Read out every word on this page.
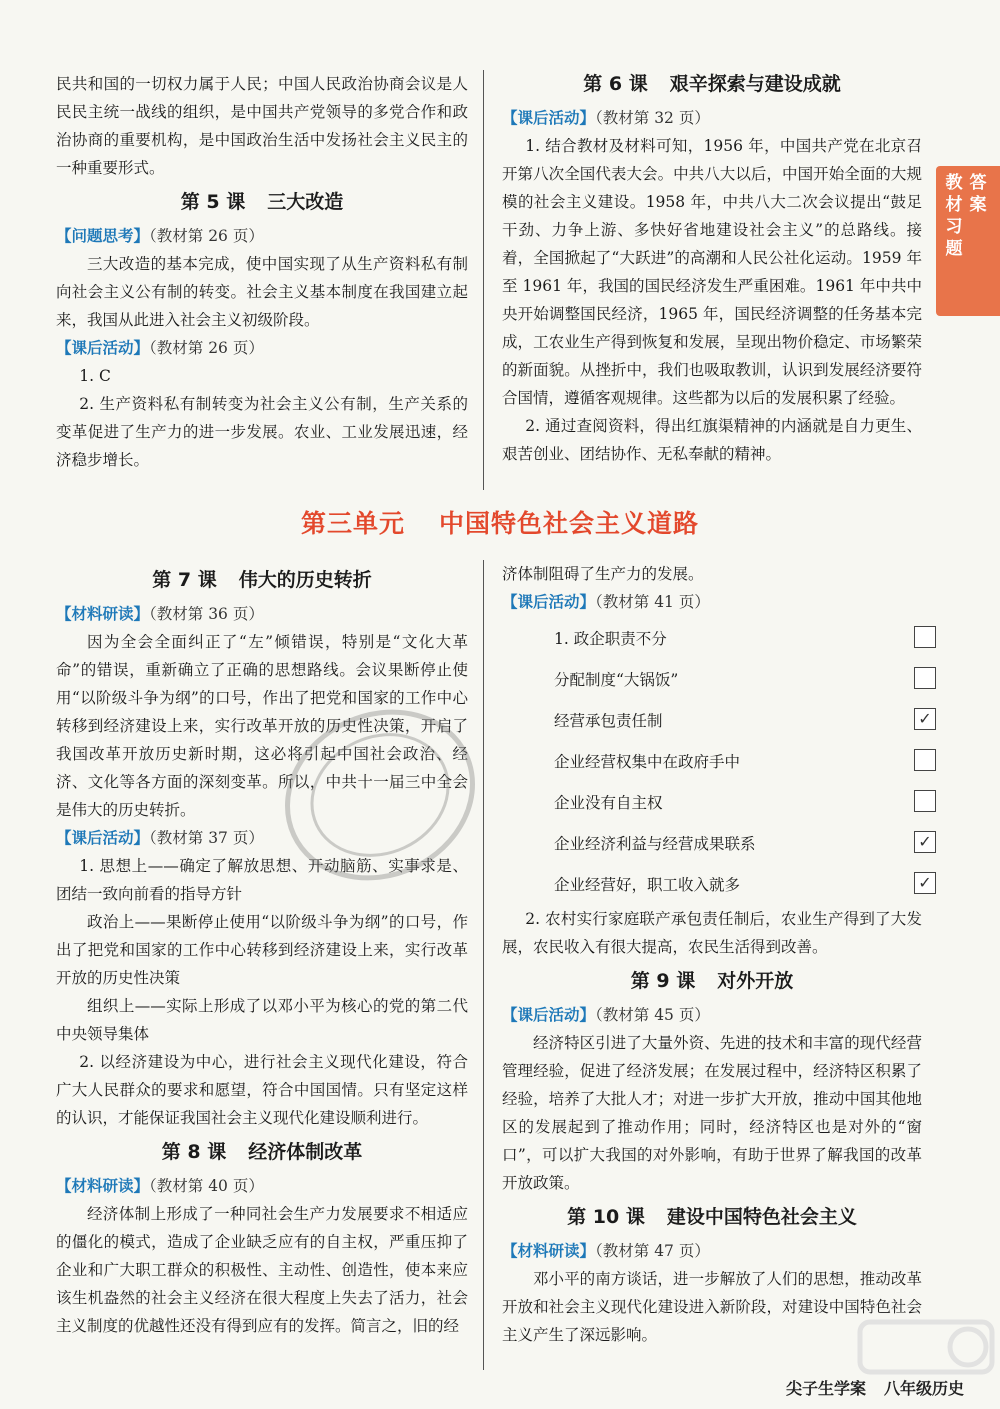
教材习题
答案

民共和国的一切权力属于人民；中国人民政治协商会议是人民民主统一战线的组织，是中国共产党领导的多党合作和政治协商的重要机构，是中国政治生活中发扬社会主义民主的一种重要形式。

第 5 课 三大改造

【问题思考】（教材第 26 页）

三大改造的基本完成，使中国实现了从生产资料私有制向社会主义公有制的转变。社会主义基本制度在我国建立起来，我国从此进入社会主义初级阶段。

【课后活动】（教材第 26 页）

1. C

2. 生产资料私有制转变为社会主义公有制，生产关系的变革促进了生产力的进一步发展。农业、工业发展迅速，经济稳步增长。

第 6 课 艰辛探索与建设成就

【课后活动】（教材第 32 页）

1. 结合教材及材料可知，1956 年，中国共产党在北京召开第八次全国代表大会。中共八大以后，中国开始全面的大规模的社会主义建设。1958 年，中共八大二次会议提出“鼓足干劲、力争上游、多快好省地建设社会主义”的总路线。接着，全国掀起了“大跃进”的高潮和人民公社化运动。1959 年至 1961 年，我国的国民经济发生严重困难。1961 年中共中央开始调整国民经济，1965 年，国民经济调整的任务基本完成，工农业生产得到恢复和发展，呈现出物价稳定、市场繁荣的新面貌。从挫折中，我们也吸取教训，认识到发展经济要符合国情，遵循客观规律。这些都为以后的发展积累了经验。

2. 通过查阅资料，得出红旗渠精神的内涵就是自力更生、艰苦创业、团结协作、无私奉献的精神。

第三单元 中国特色社会主义道路
第 7 课 伟大的历史转折

【材料研读】（教材第 36 页）

因为全会全面纠正了“左”倾错误，特别是“文化大革命”的错误，重新确立了正确的思想路线。会议果断停止使用“以阶级斗争为纲”的口号，作出了把党和国家的工作中心转移到经济建设上来，实行改革开放的历史性决策，开启了我国改革开放历史新时期，这必将引起中国社会政治、经济、文化等各方面的深刻变革。所以，中共十一届三中全会是伟大的历史转折。

【课后活动】（教材第 37 页）

1. 思想上——确定了解放思想、开动脑筋、实事求是、团结一致向前看的指导方针

政治上——果断停止使用“以阶级斗争为纲”的口号，作出了把党和国家的工作中心转移到经济建设上来，实行改革开放的历史性决策

组织上——实际上形成了以邓小平为核心的党的第二代中央领导集体

2. 以经济建设为中心，进行社会主义现代化建设，符合广大人民群众的要求和愿望，符合中国国情。只有坚定这样的认识，才能保证我国社会主义现代化建设顺利进行。

第 8 课 经济体制改革

【材料研读】（教材第 40 页）

经济体制上形成了一种同社会生产力发展要求不相适应的僵化的模式，造成了企业缺乏应有的自主权，严重压抑了企业和广大职工群众的积极性、主动性、创造性，使本来应该生机盎然的社会主义经济在很大程度上失去了活力，社会主义制度的优越性还没有得到应有的发挥。简言之，旧的经

济体制阻碍了生产力的发展。

【课后活动】（教材第 41 页）

1. 政企职责不分
分配制度“大锅饭”
经营承包责任制	✓
企业经营权集中在政府手中
企业没有自主权
企业经济利益与经营成果联系	✓
企业经营好，职工收入就多	✓

2. 农村实行家庭联产承包责任制后，农业生产得到了大发展，农民收入有很大提高，农民生活得到改善。

第 9 课 对外开放

【课后活动】（教材第 45 页）

经济特区引进了大量外资、先进的技术和丰富的现代经营管理经验，促进了经济发展；在发展过程中，经济特区积累了经验，培养了大批人才；对进一步扩大开放，推动中国其他地区的发展起到了推动作用；同时，经济特区也是对外的“窗口”，可以扩大我国的对外影响，有助于世界了解我国的改革开放政策。

第 10 课 建设中国特色社会主义

【材料研读】（教材第 47 页）

邓小平的南方谈话，进一步解放了人们的思想，推动改革开放和社会主义现代化建设进入新阶段，对建设中国特色社会主义产生了深远影响。

尖子生学案 八年级历史
